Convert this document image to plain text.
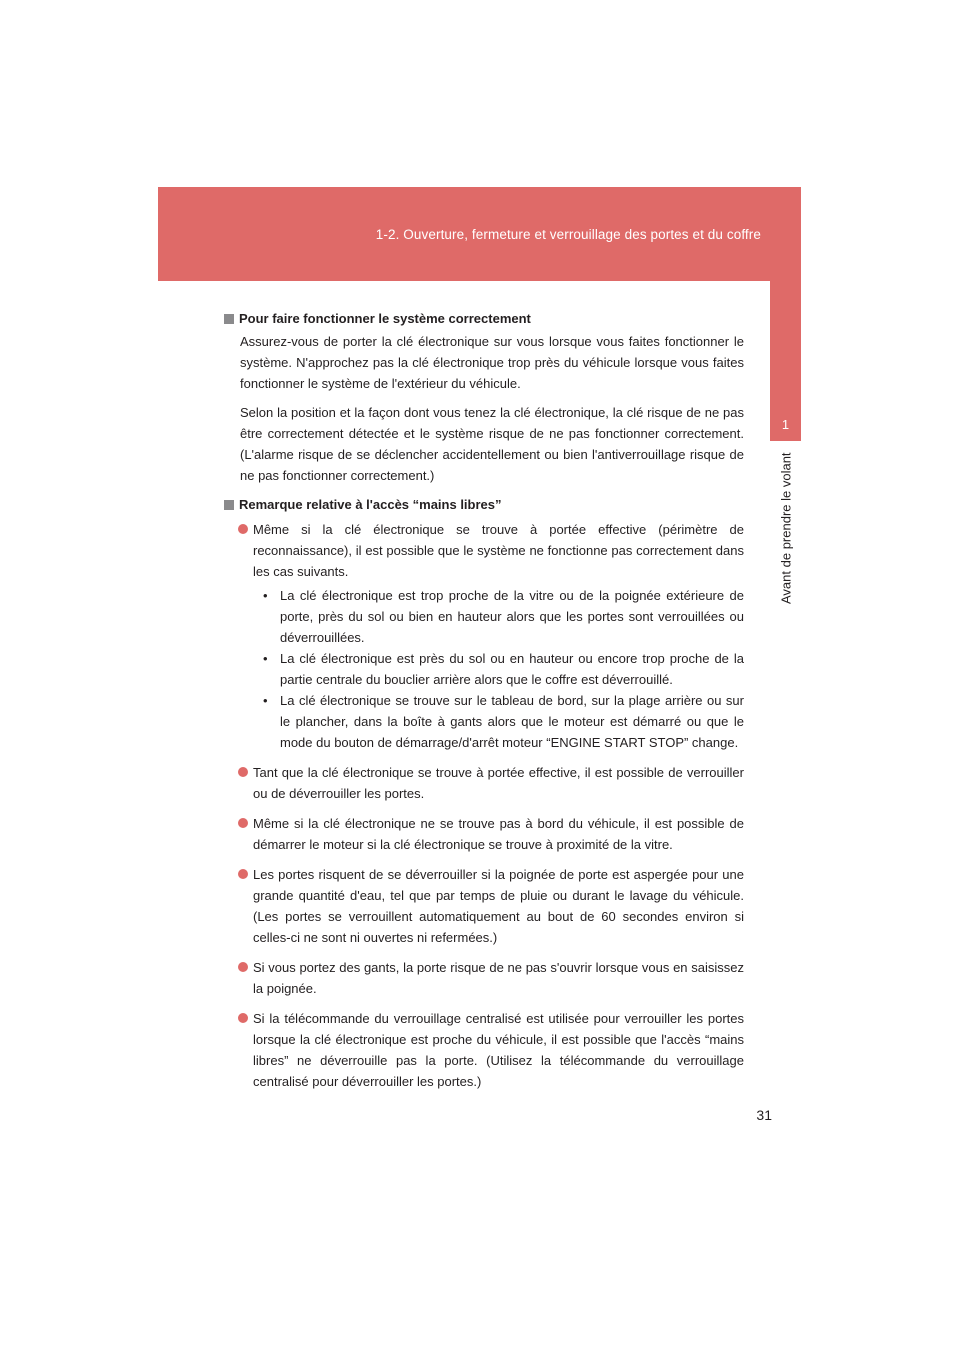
1-2. Ouverture, fermeture et verrouillage des portes et du coffre
1
Avant de prendre le volant
Pour faire fonctionner le système correctement
Assurez-vous de porter la clé électronique sur vous lorsque vous faites fonctionner le système. N'approchez pas la clé électronique trop près du véhicule lorsque vous faites fonctionner le système de l'extérieur du véhicule.
Selon la position et la façon dont vous tenez la clé électronique, la clé risque de ne pas être correctement détectée et le système risque de ne pas fonctionner correctement. (L'alarme risque de se déclencher accidentellement ou bien l'antiverrouillage risque de ne pas fonctionner correctement.)
Remarque relative à l'accès “mains libres”
Même si la clé électronique se trouve à portée effective (périmètre de reconnaissance), il est possible que le système ne fonctionne pas correctement dans les cas suivants.
• La clé électronique est trop proche de la vitre ou de la poignée extérieure de porte, près du sol ou bien en hauteur alors que les portes sont verrouillées ou déverrouillées.
• La clé électronique est près du sol ou en hauteur ou encore trop proche de la partie centrale du bouclier arrière alors que le coffre est déverrouillé.
• La clé électronique se trouve sur le tableau de bord, sur la plage arrière ou sur le plancher, dans la boîte à gants alors que le moteur est démarré ou que le mode du bouton de démarrage/d'arrêt moteur “ENGINE START STOP” change.
Tant que la clé électronique se trouve à portée effective, il est possible de verrouiller ou de déverrouiller les portes.
Même si la clé électronique ne se trouve pas à bord du véhicule, il est possible de démarrer le moteur si la clé électronique se trouve à proximité de la vitre.
Les portes risquent de se déverrouiller si la poignée de porte est aspergée pour une grande quantité d'eau, tel que par temps de pluie ou durant le lavage du véhicule. (Les portes se verrouillent automatiquement au bout de 60 secondes environ si celles-ci ne sont ni ouvertes ni refermées.)
Si vous portez des gants, la porte risque de ne pas s'ouvrir lorsque vous en saisissez la poignée.
Si la télécommande du verrouillage centralisé est utilisée pour verrouiller les portes lorsque la clé électronique est proche du véhicule, il est possible que l'accès “mains libres” ne déverrouille pas la porte. (Utilisez la télécommande du verrouillage centralisé pour déverrouiller les portes.)
31
